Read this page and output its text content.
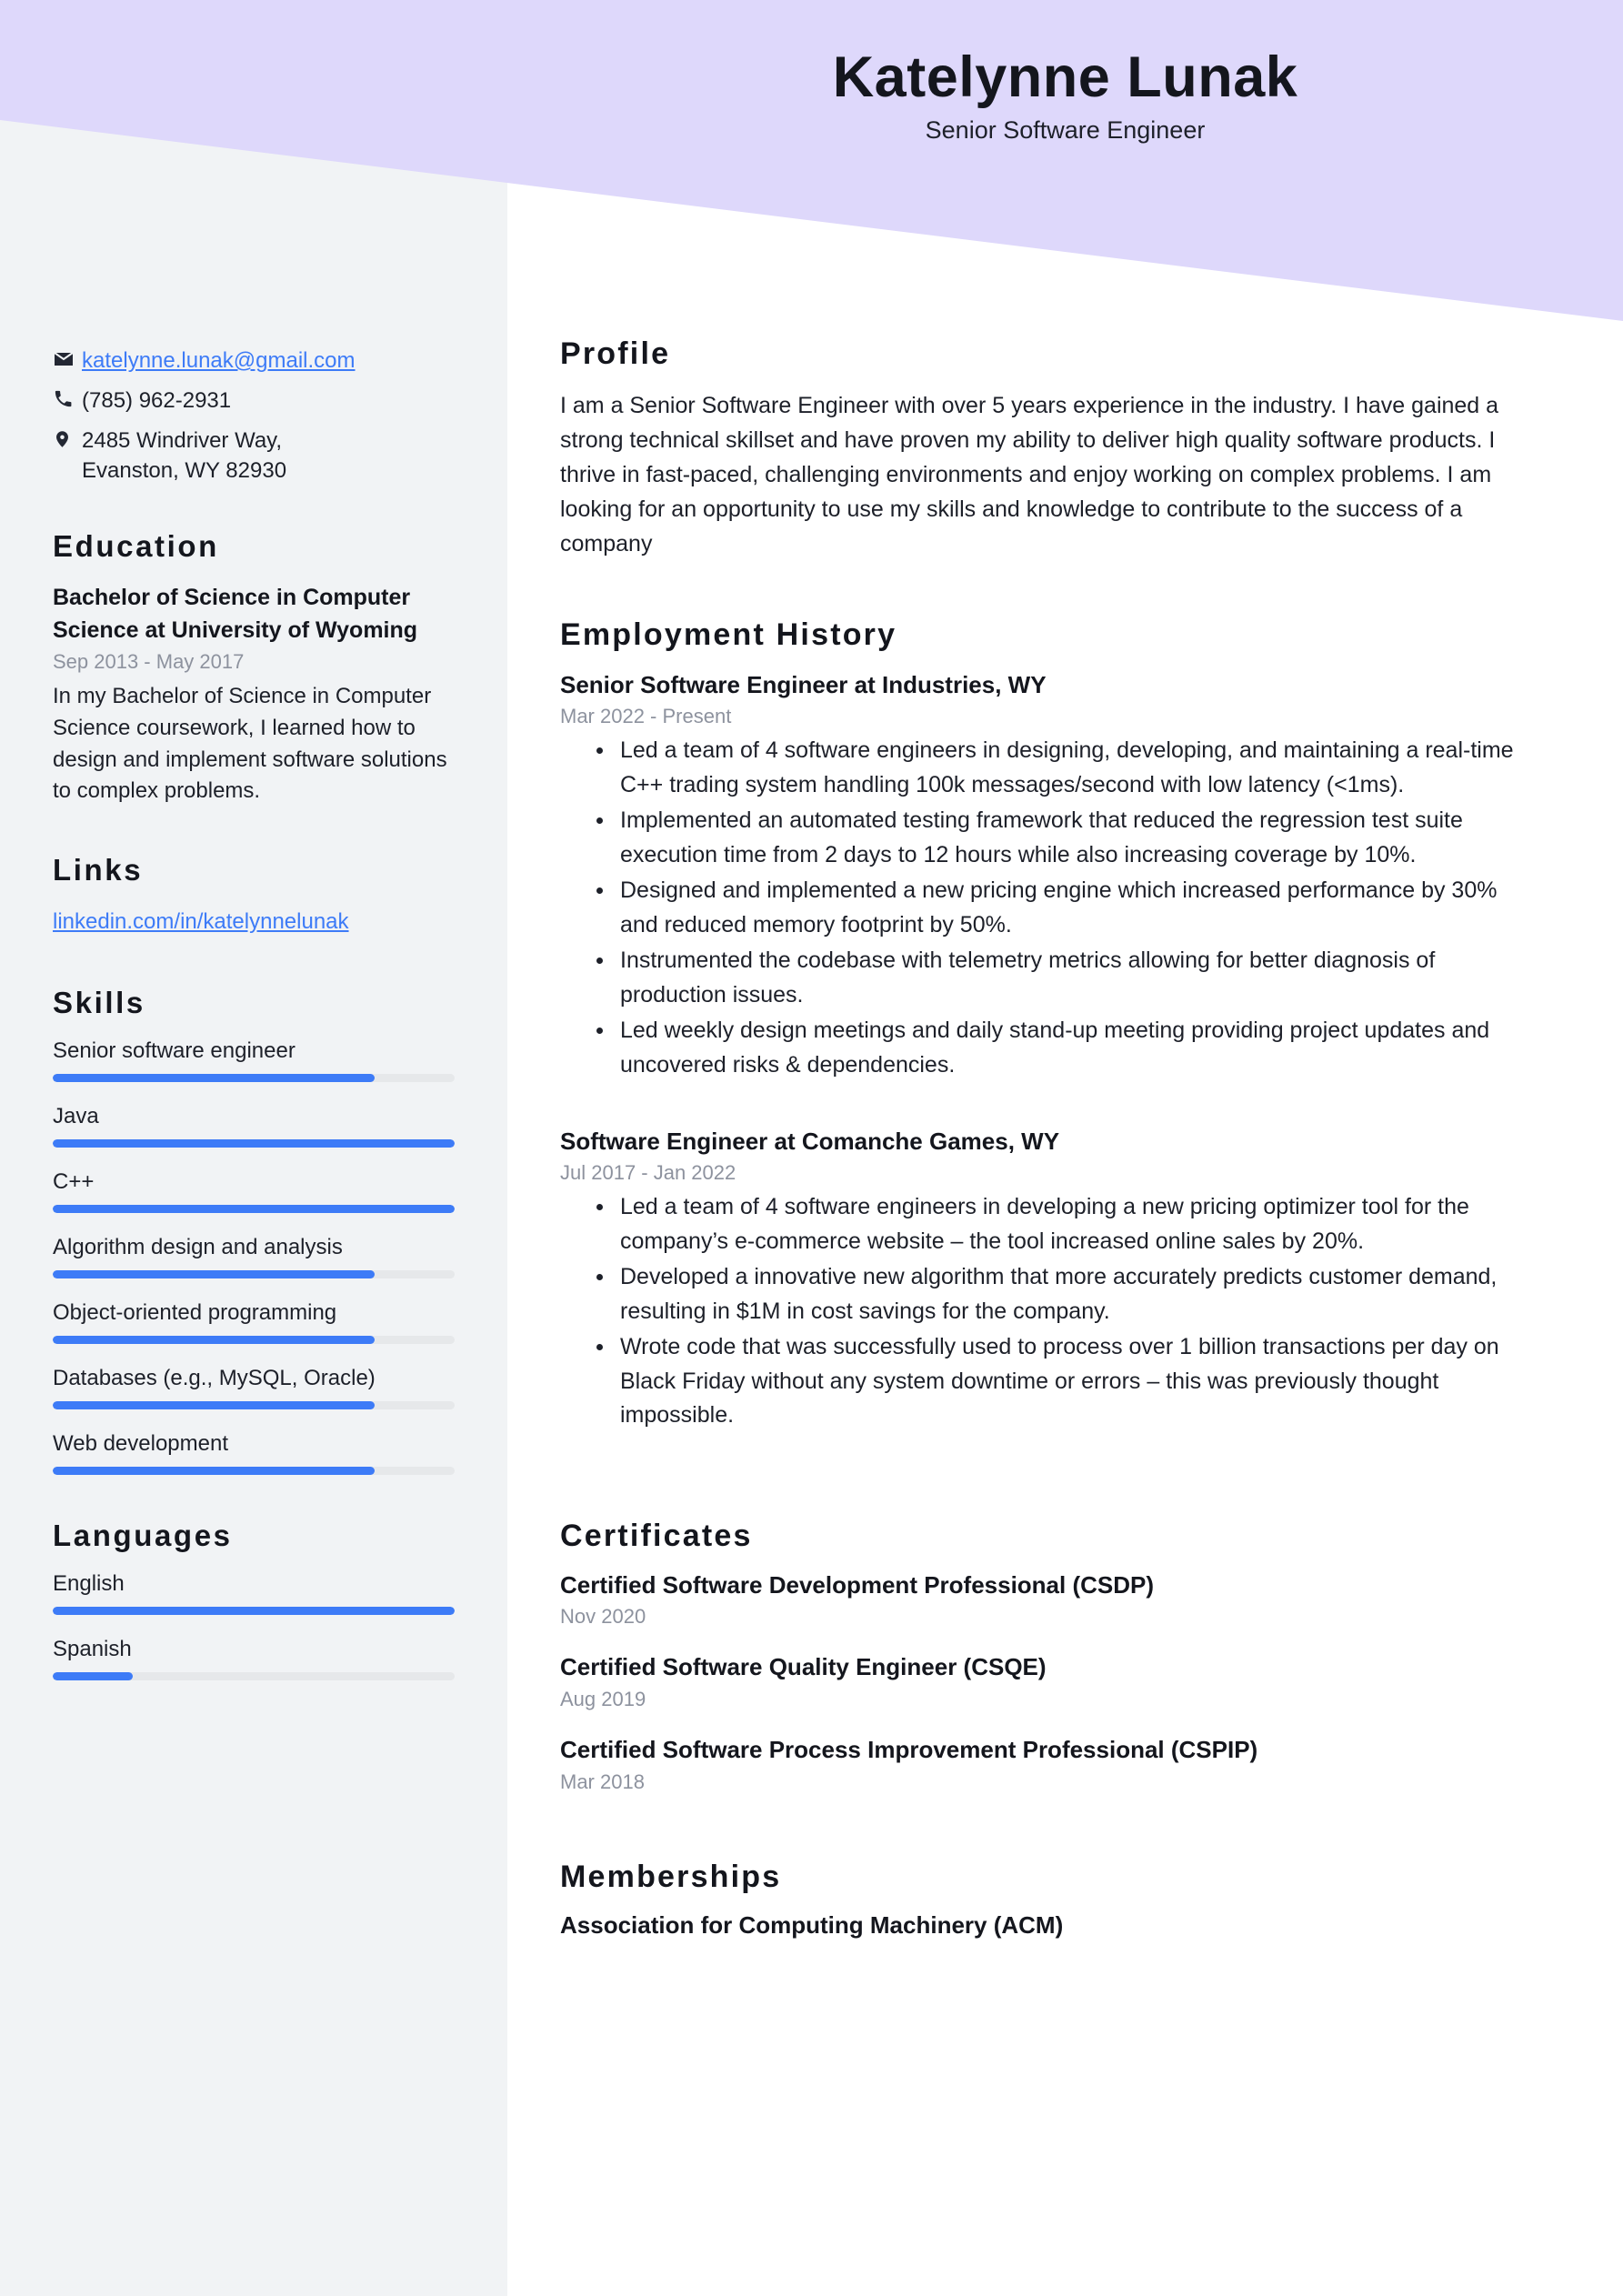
Katelynne Lunak
Senior Software Engineer
katelynne.lunak@gmail.com
(785) 962-2931
2485 Windriver Way,
Evanston, WY 82930
Education
Bachelor of Science in Computer Science at University of Wyoming
Sep 2013 - May 2017
In my Bachelor of Science in Computer Science coursework, I learned how to design and implement software solutions to complex problems.
Links
linkedin.com/in/katelynnelunak
Skills
Senior software engineer
Java
C++
Algorithm design and analysis
Object-oriented programming
Databases (e.g., MySQL, Oracle)
Web development
Languages
English
Spanish
Profile
I am a Senior Software Engineer with over 5 years experience in the industry. I have gained a strong technical skillset and have proven my ability to deliver high quality software products. I thrive in fast-paced, challenging environments and enjoy working on complex problems. I am looking for an opportunity to use my skills and knowledge to contribute to the success of a company
Employment History
Senior Software Engineer at Industries, WY
Mar 2022 - Present
Led a team of 4 software engineers in designing, developing, and maintaining a real-time C++ trading system handling 100k messages/second with low latency (<1ms).
Implemented an automated testing framework that reduced the regression test suite execution time from 2 days to 12 hours while also increasing coverage by 10%.
Designed and implemented a new pricing engine which increased performance by 30% and reduced memory footprint by 50%.
Instrumented the codebase with telemetry metrics allowing for better diagnosis of production issues.
Led weekly design meetings and daily stand-up meeting providing project updates and uncovered risks & dependencies.
Software Engineer at Comanche Games, WY
Jul 2017 - Jan 2022
Led a team of 4 software engineers in developing a new pricing optimizer tool for the company’s e-commerce website – the tool increased online sales by 20%.
Developed a innovative new algorithm that more accurately predicts customer demand, resulting in $1M in cost savings for the company.
Wrote code that was successfully used to process over 1 billion transactions per day on Black Friday without any system downtime or errors – this was previously thought impossible.
Certificates
Certified Software Development Professional (CSDP)
Nov 2020
Certified Software Quality Engineer (CSQE)
Aug 2019
Certified Software Process Improvement Professional (CSPIP)
Mar 2018
Memberships
Association for Computing Machinery (ACM)
